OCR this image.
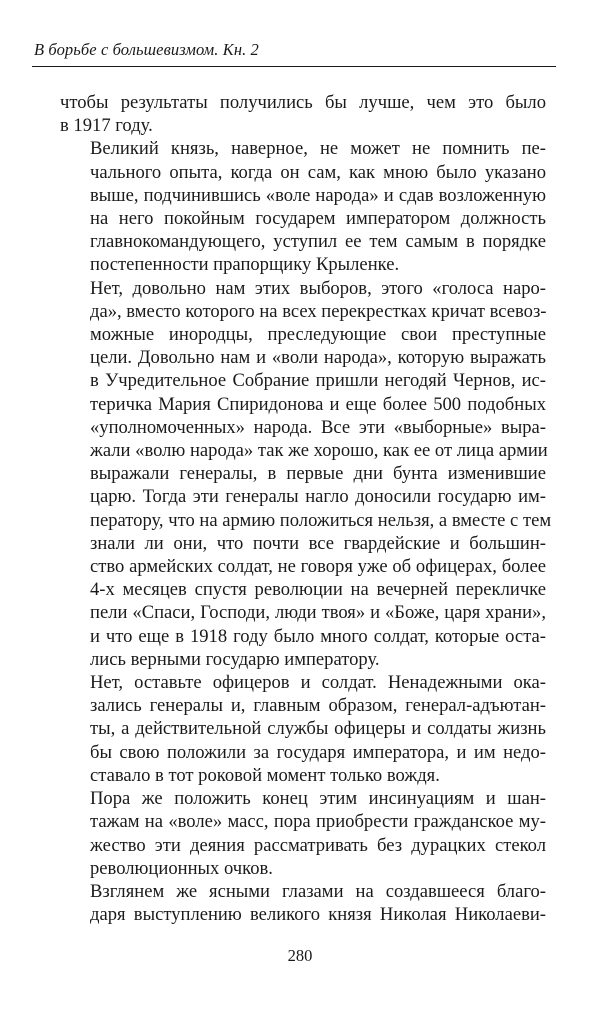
В борьбе с большевизмом. Кн. 2
чтобы результаты получились бы лучше, чем это было
в 1917 году.
Великий князь, наверное, не может не помнить пе-
чального опыта, когда он сам, как мною было указано
выше, подчинившись «воле народа» и сдав возложенную
на него покойным государем императором должность
главнокомандующего, уступил ее тем самым в порядке
постепенности прапорщику Крыленке.
Нет, довольно нам этих выборов, этого «голоса наро-
да», вместо которого на всех перекрестках кричат всевоз-
можные инородцы, преследующие свои преступные
цели. Довольно нам и «воли народа», которую выражать
в Учредительное Собрание пришли негодяй Чернов, ис-
теричка Мария Спиридонова и еще более 500 подобных
«уполномоченных» народа. Все эти «выборные» выра-
жали «волю народа» так же хорошо, как ее от лица армии
выражали генералы, в первые дни бунта изменившие
царю. Тогда эти генералы нагло доносили государю им-
ператору, что на армию положиться нельзя, а вместе с тем
знали ли они, что почти все гвардейские и большин-
ство армейских солдат, не говоря уже об офицерах, более
4-х месяцев спустя революции на вечерней перекличке
пели «Спаси, Господи, люди твоя» и «Боже, царя храни»,
и что еще в 1918 году было много солдат, которые оста-
лись верными государю императору.
Нет, оставьте офицеров и солдат. Ненадежными ока-
зались генералы и, главным образом, генерал-адъютан-
ты, а действительной службы офицеры и солдаты жизнь
бы свою положили за государя императора, и им недо-
ставало в тот роковой момент только вождя.
Пора же положить конец этим инсинуациям и шан-
тажам на «воле» масс, пора приобрести гражданское му-
жество эти деяния рассматривать без дурацких стекол
революционных очков.
Взглянем же ясными глазами на создавшееся благо-
даря выступлению великого князя Николая Николаеви-
280
